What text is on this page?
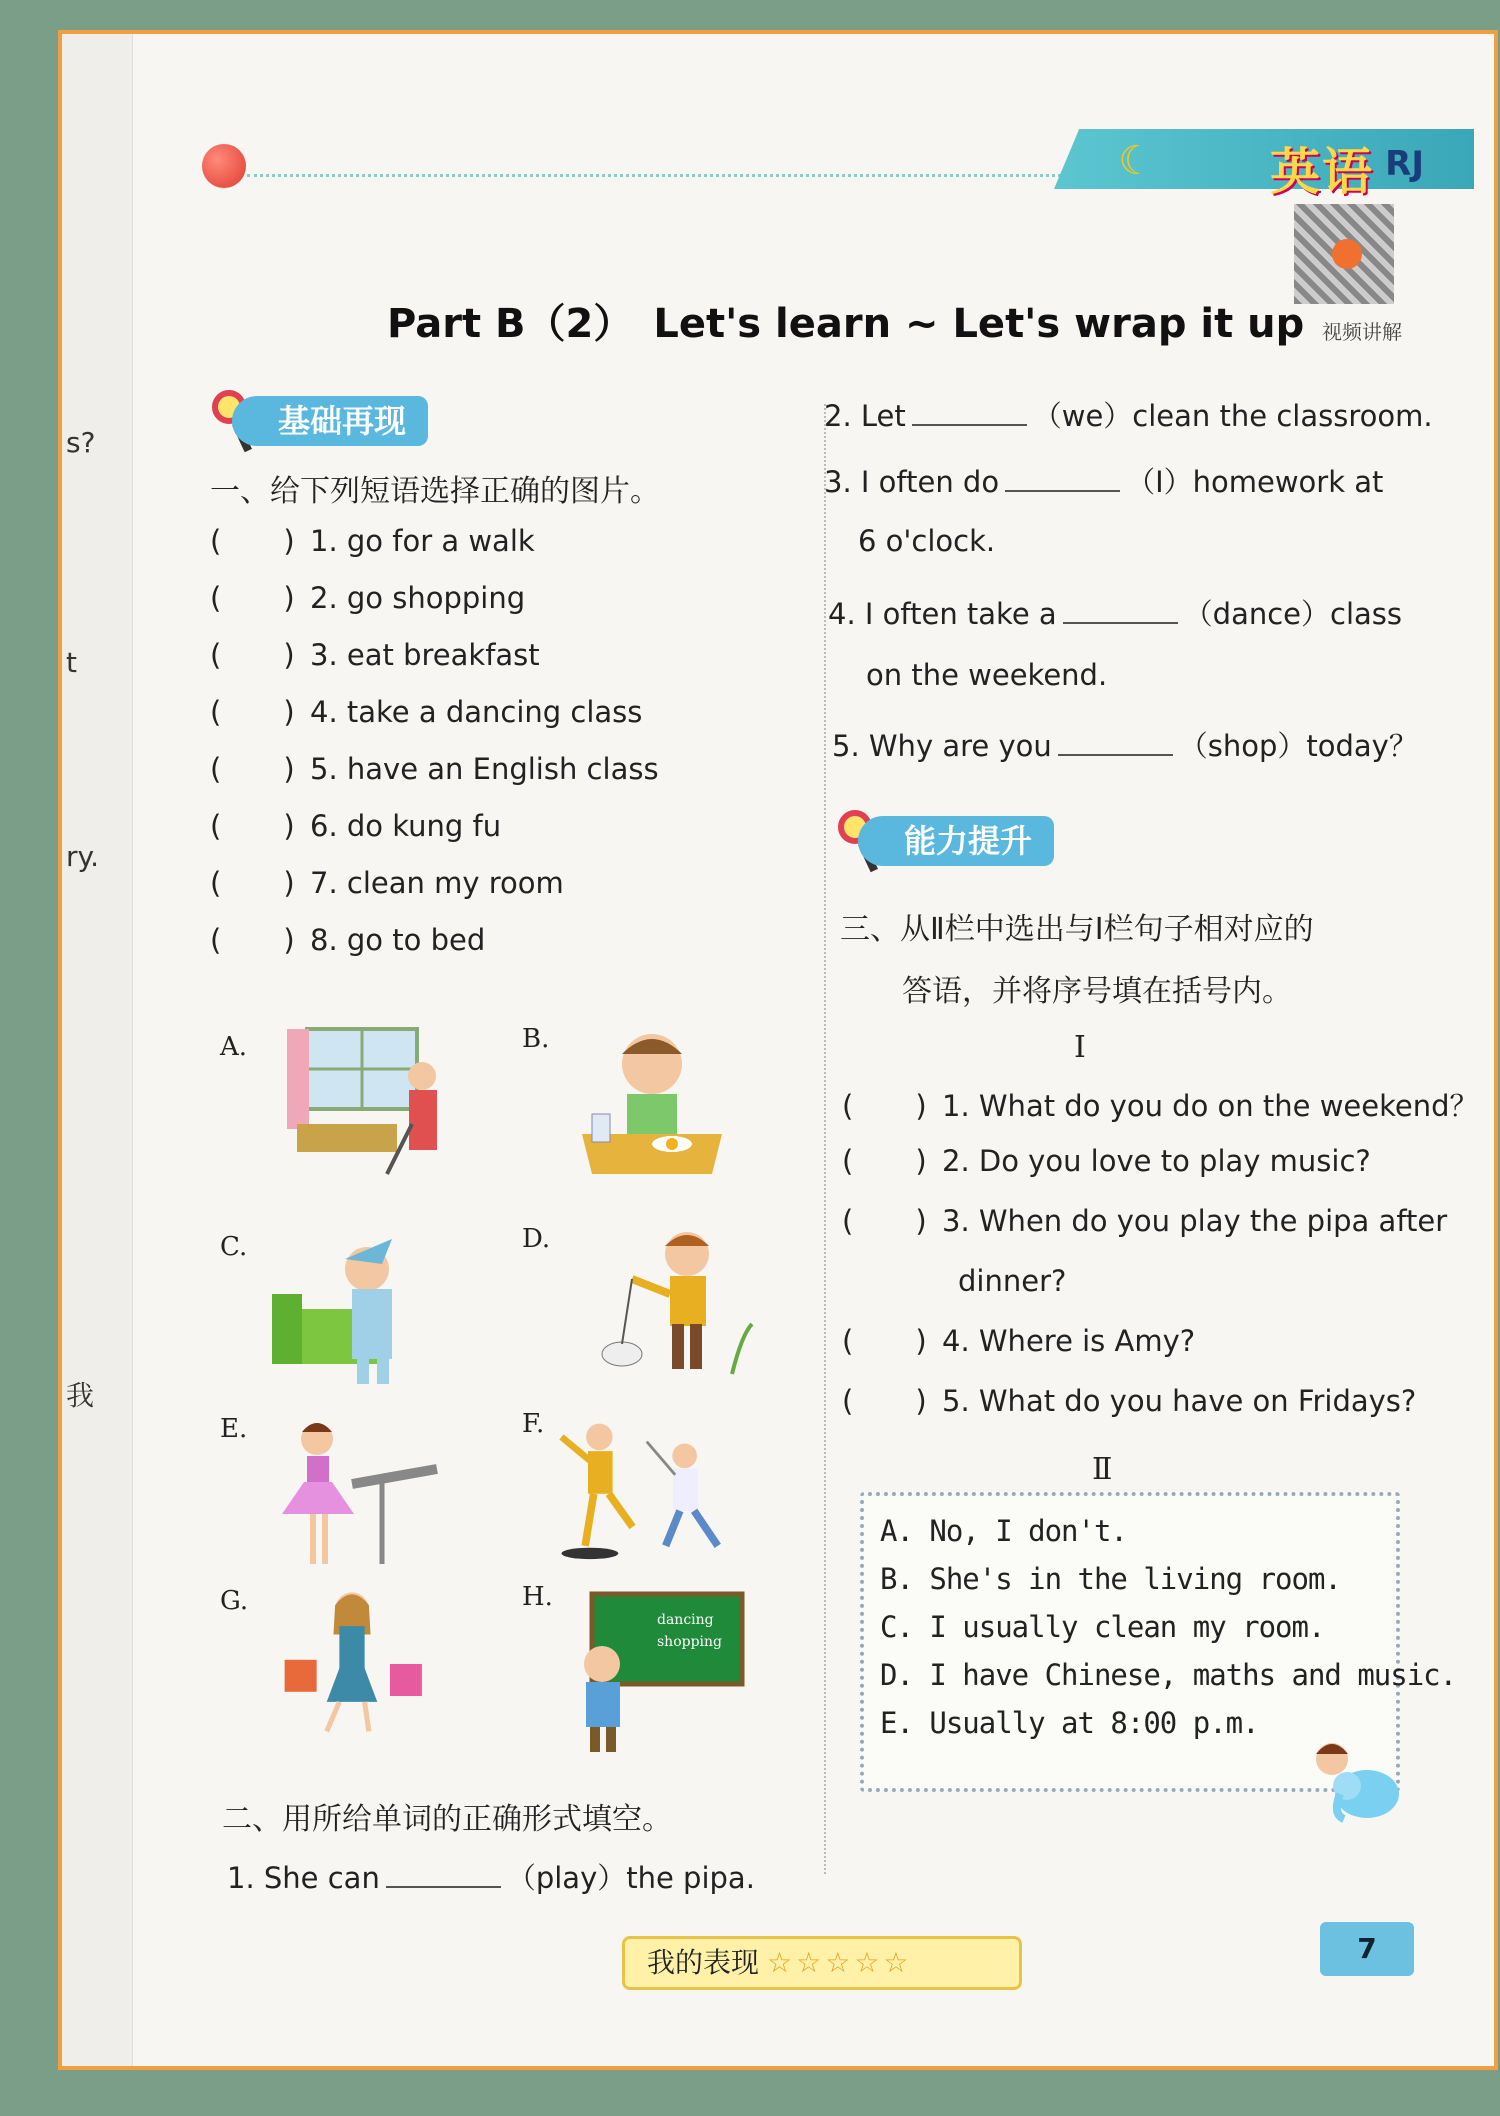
s?
t
ry.
我
☾ 英语 RJ
视频讲解
Part B（2）　Let's learn ~ Let's wrap it up
基础再现
一、给下列短语选择正确的图片。
( ) 1. go for a walk
( ) 2. go shopping
( ) 3. eat breakfast
( ) 4. take a dancing class
( ) 5. have an English class
( ) 6. do kung fu
( ) 7. clean my room
( ) 8. go to bed
A.	B.
C.	D.
E.	F.
G.	H.
dancing
shopping
二、用所给单词的正确形式填空。
1. She can	（play）the pipa.
2. Let	（we）clean the classroom.
3. I often do	（I）homework at
6 o'clock.
4. I often take a	（dance）class
on the weekend.
5. Why are you	（shop）today？
能力提升
三、从Ⅱ栏中选出与Ⅰ栏句子相对应的
答语，并将序号填在括号内。
Ⅰ
( ) 1. What do you do on the weekend？
( ) 2. Do you love to play music?
( ) 3. When do you play the pipa after
dinner?
( ) 4. Where is Amy?
( ) 5. What do you have on Fridays?
Ⅱ
A. No, I don't.
B. She's in the living room.
C. I usually clean my room.
D. I have Chinese, maths and music.
E. Usually at 8:00 p.m.
我的表现 ☆☆☆☆☆	7
